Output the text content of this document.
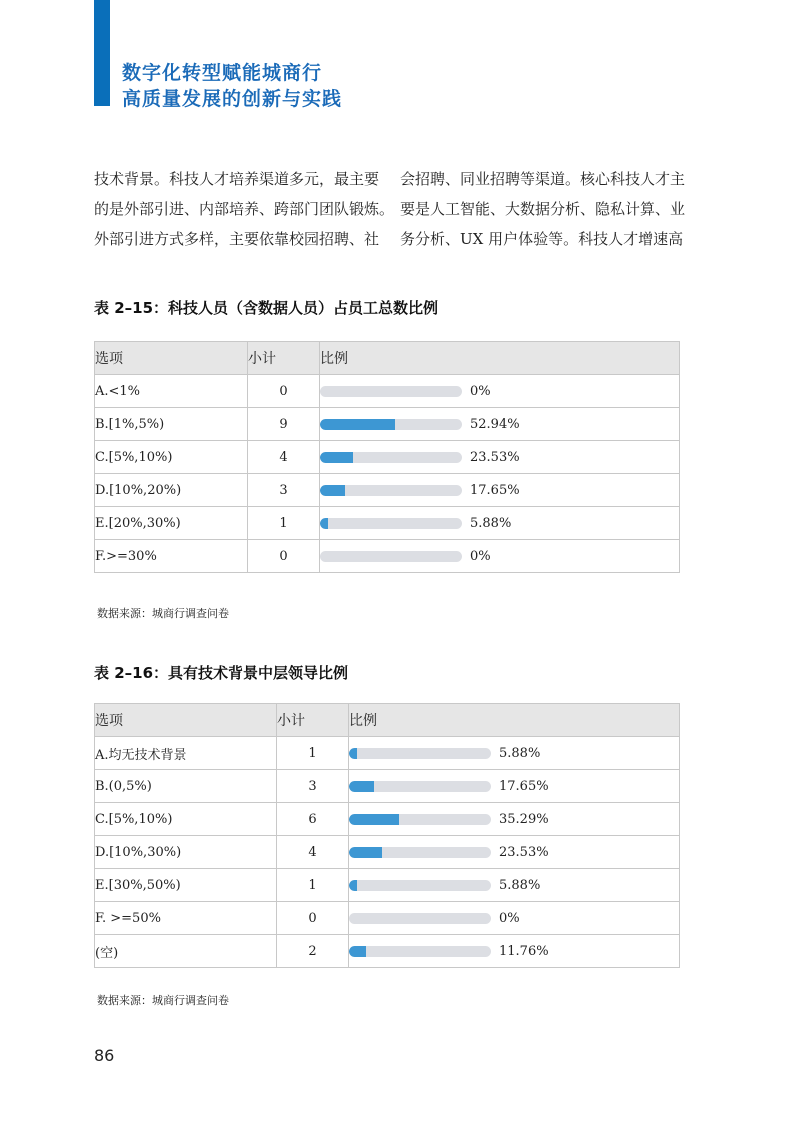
数字化转型赋能城商行
高质量发展的创新与实践

技术背景。科技人才培养渠道多元，最主要

的是外部引进、内部培养、跨部门团队锻炼。

外部引进方式多样，主要依靠校园招聘、社

会招聘、同业招聘等渠道。核心科技人才主

要是人工智能、大数据分析、隐私计算、业

务分析、UX 用户体验等。科技人才增速高

表 2–15：科技人员（含数据人员）占员工总数比例

选项	小计	比例
A.<1%	0	0%

B.[1%,5%)	9	52.94%

C.[5%,10%)	4	23.53%

D.[10%,20%)	3	17.65%

E.[20%,30%)	1	5.88%

F.>=30%	0	0%

数据来源：城商行调查问卷

表 2–16：具有技术背景中层领导比例

选项	小计	比例
A.均无技术背景	1	5.88%

B.(0,5%)	3	17.65%

C.[5%,10%)	6	35.29%

D.[10%,30%)	4	23.53%

E.[30%,50%)	1	5.88%

F. >=50%	0	0%

(空)	2	11.76%

数据来源：城商行调查问卷

86
